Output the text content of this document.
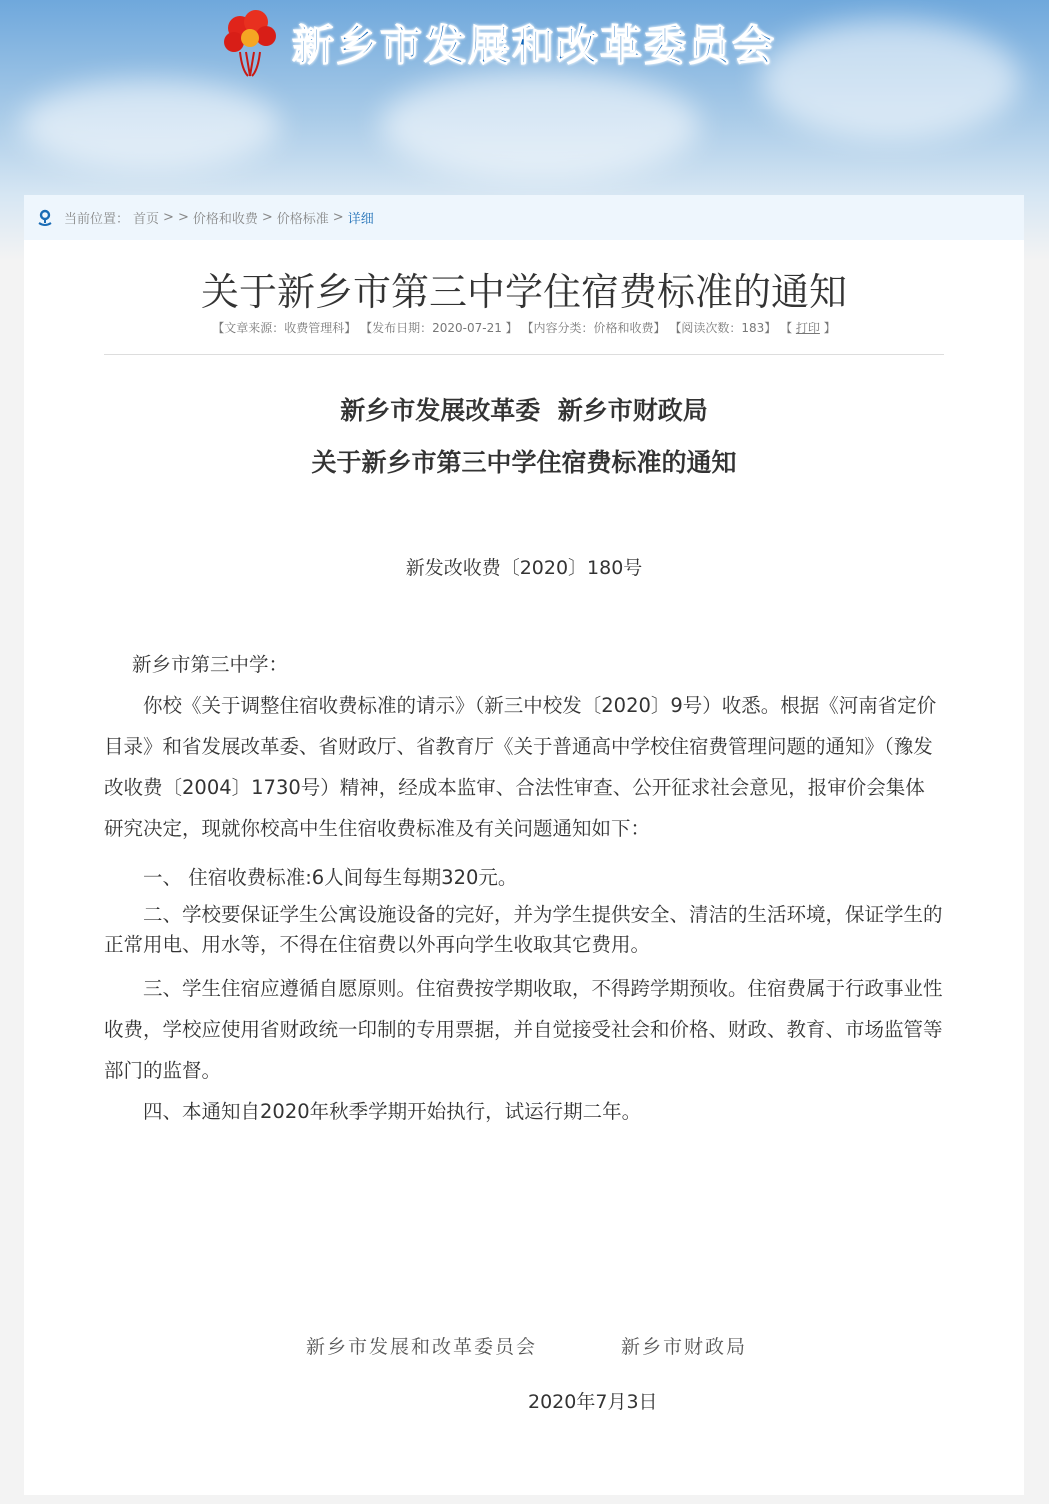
新乡市发展和改革委员会
当前位置： 首页 > > 价格和收费 > 价格标准 > 详细
关于新乡市第三中学住宿费标准的通知
【文章来源：收费管理科】 【发布日期：2020-07-21 】 【内容分类：价格和收费】 【阅读次数：183】 【 打印 】
新乡市发展改革委  新乡市财政局
关于新乡市第三中学住宿费标准的通知
新发改收费〔2020〕180号
新乡市第三中学：

你校《关于调整住宿收费标准的请示》（新三中校发〔2020〕9号）收悉。根据《河南省定价目录》和省发展改革委、省财政厅、省教育厅《关于普通高中学校住宿费管理问题的通知》（豫发改收费〔2004〕1730号）精神，经成本监审、合法性审查、公开征求社会意见，报审价会集体研究决定，现就你校高中生住宿收费标准及有关问题通知如下：

一、 住宿收费标准:6人间每生每期320元。

二、学校要保证学生公寓设施设备的完好，并为学生提供安全、清洁的生活环境，保证学生的正常用电、用水等，不得在住宿费以外再向学生收取其它费用。

三、学生住宿应遵循自愿原则。住宿费按学期收取，不得跨学期预收。住宿费属于行政事业性收费，学校应使用省财政统一印制的专用票据，并自觉接受社会和价格、财政、教育、市场监管等部门的监督。

四、本通知自2020年秋季学期开始执行，试运行期二年。

新乡市发展和改革委员会	新乡市财政局
2020年7月3日
